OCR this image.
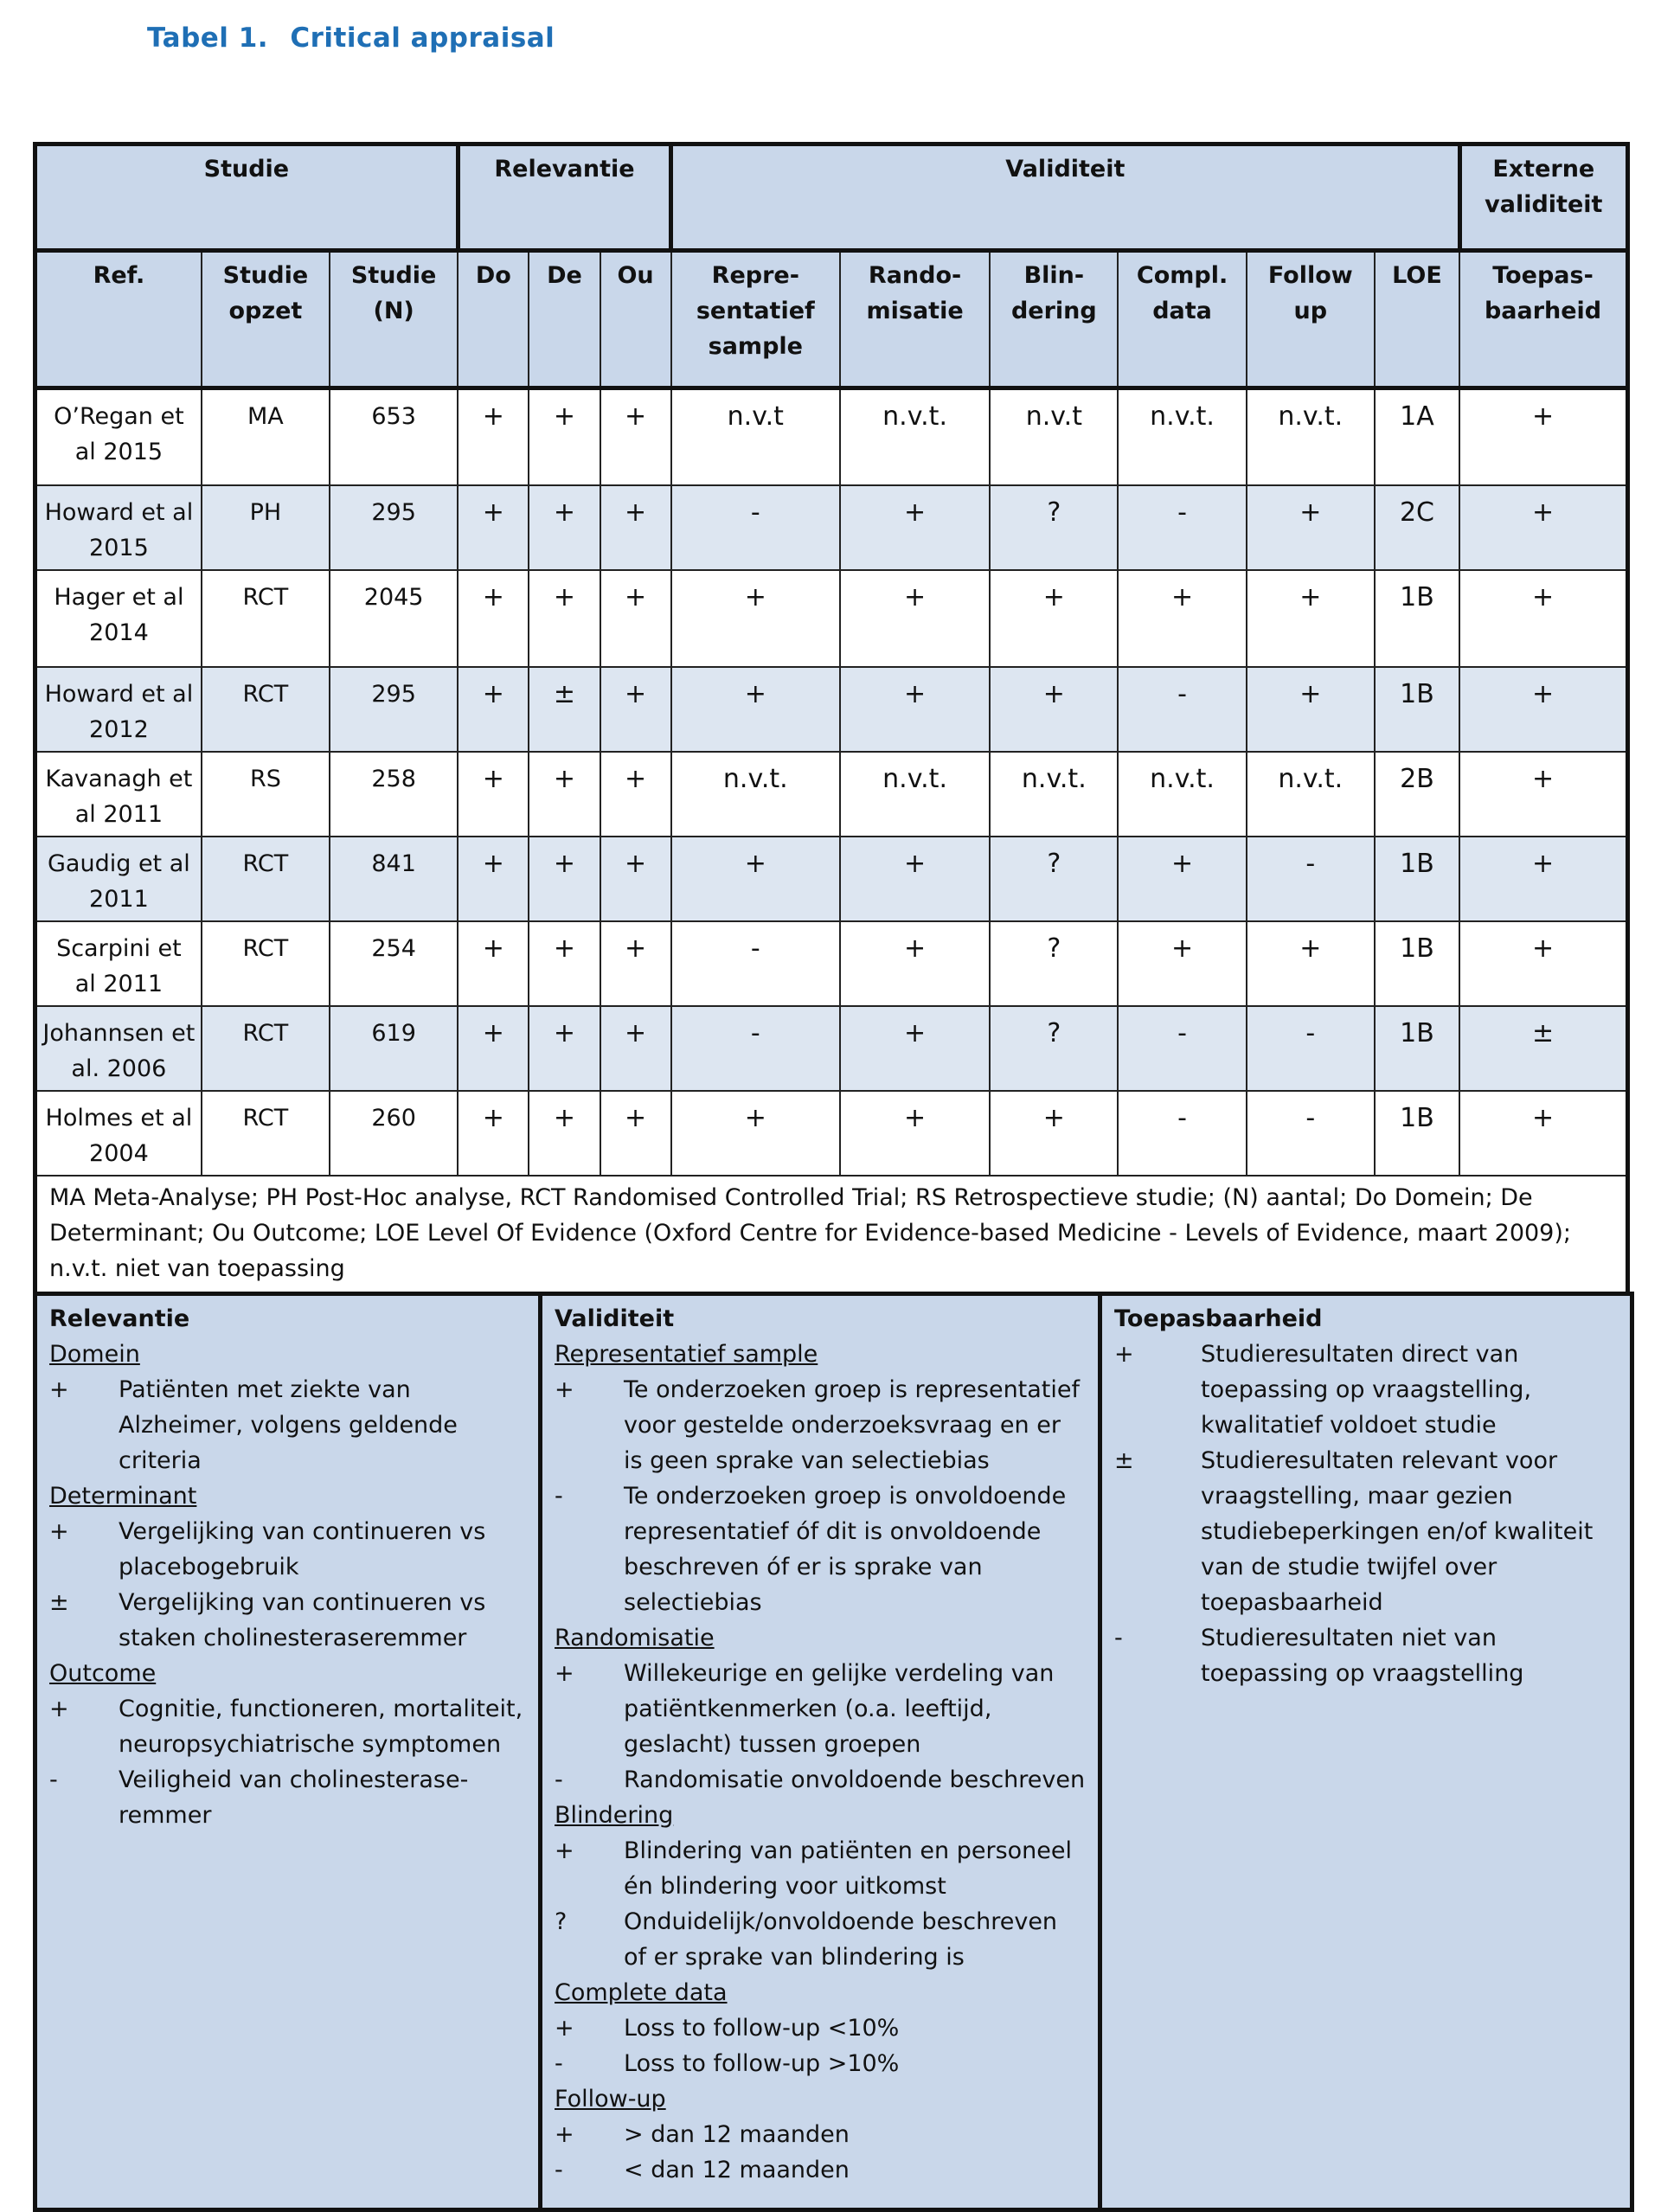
Tabel 1. Critical appraisal
Studie			Relevantie			Validiteit						Externe validiteit
Ref.	Studie opzet	Studie (N)	Do	De	Ou	Repre-sentatief sample	Rando-misatie	Blin-dering	Compl. data	Follow up	LOE	Toepas-baarheid
O’Regan et al 2015	MA	653	+	+	+	n.v.t	n.v.t.	n.v.t	n.v.t.	n.v.t.	1A	+
Howard et al 2015	PH	295	+	+	+	-	+	?	-	+	2C	+
Hager et al 2014	RCT	2045	+	+	+	+	+	+	+	+	1B	+
Howard et al 2012	RCT	295	+	±	+	+	+	+	-	+	1B	+
Kavanagh et al 2011	RS	258	+	+	+	n.v.t.	n.v.t.	n.v.t.	n.v.t.	n.v.t.	2B	+
Gaudig et al 2011	RCT	841	+	+	+	+	+	?	+	-	1B	+
Scarpini et al 2011	RCT	254	+	+	+	-	+	?	+	+	1B	+
Johannsen et al. 2006	RCT	619	+	+	+	-	+	?	-	-	1B	±
Holmes et al 2004	RCT	260	+	+	+	+	+	+	-	-	1B	+
MA Meta-Analyse; PH Post-Hoc analyse, RCT Randomised Controlled Trial; RS Retrospectieve studie; (N) aantal; Do Domein; De Determinant; Ou Outcome; LOE Level Of Evidence (Oxford Centre for Evidence-based Medicine - Levels of Evidence, maart 2009); n.v.t. niet van toepassing
Relevantie
Domein
+	Patiënten met ziekte van Alzheimer, volgens geldende criteria
Determinant
+	Vergelijking van continueren vs placebogebruik
±	Vergelijking van continueren vs staken cholinesteraseremmer
Outcome
+	Cognitie, functioneren, mortaliteit, neuropsychiatrische symptomen
-	Veiligheid van cholinesterase-remmer

Validiteit
Representatief sample
+	Te onderzoeken groep is representatief voor gestelde onderzoeksvraag en er is geen sprake van selectiebias
-	Te onderzoeken groep is onvoldoende representatief óf dit is onvoldoende beschreven óf er is sprake van selectiebias
Randomisatie
+	Willekeurige en gelijke verdeling van patiëntkenmerken (o.a. leeftijd, geslacht) tussen groepen
-	Randomisatie onvoldoende beschreven
Blindering
+	Blindering van patiënten en personeel én blindering voor uitkomst
?	Onduidelijk/onvoldoende beschreven of er sprake van blindering is
Complete data
+	Loss to follow-up <10%
-	Loss to follow-up >10%
Follow-up
+	> dan 12 maanden
-	< dan 12 maanden

Toepasbaarheid
+	Studieresultaten direct van toepassing op vraagstelling, kwalitatief voldoet studie
±	Studieresultaten relevant voor vraagstelling, maar gezien studiebeperkingen en/of kwaliteit van de studie twijfel over toepasbaarheid
-	Studieresultaten niet van toepassing op vraagstelling
